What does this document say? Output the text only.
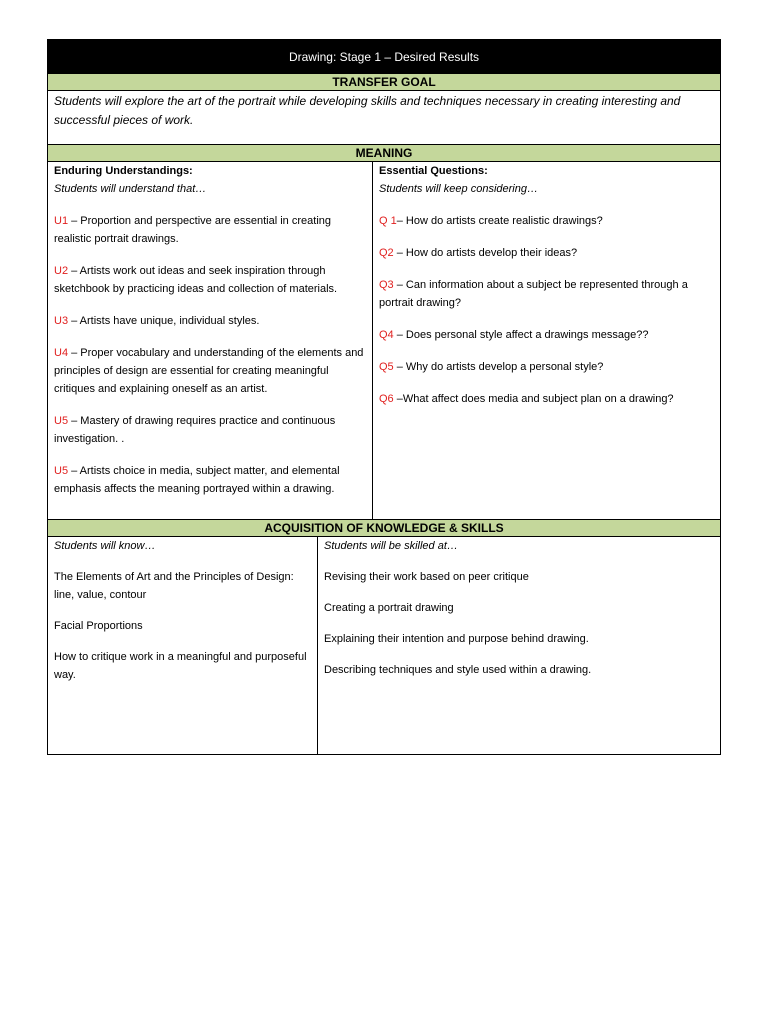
Drawing: Stage 1 – Desired Results
TRANSFER GOAL
Students will explore the art of the portrait while developing skills and techniques necessary in creating interesting and successful pieces of work.
MEANING
Enduring Understandings:
Students will understand that…
U1 – Proportion and perspective are essential in creating realistic portrait drawings.
U2 – Artists work out ideas and seek inspiration through sketchbook by practicing ideas and collection of materials.
U3 – Artists have unique, individual styles.
U4 – Proper vocabulary and understanding of the elements and principles of design are essential for creating meaningful critiques and explaining oneself as an artist.
U5 – Mastery of drawing requires practice and continuous investigation. .
U5 – Artists choice in media, subject matter, and elemental emphasis affects the meaning portrayed within a drawing.
Essential Questions:
Students will keep considering…
Q 1– How do artists create realistic drawings?
Q2 – How do artists develop their ideas?
Q3 – Can information about a subject be represented through a portrait drawing?
Q4 – Does personal style affect a drawings message??
Q5 – Why do artists develop a personal style?
Q6 –What affect does media and subject plan on a drawing?
ACQUISITION OF KNOWLEDGE & SKILLS
Students will know…
The Elements of Art and the Principles of Design: line, value, contour
Facial Proportions
How to critique work in a meaningful and purposeful way.
Students will be skilled at…
Revising their work based on peer critique
Creating a portrait drawing
Explaining their intention and purpose behind drawing.
Describing techniques and style used within a drawing.
